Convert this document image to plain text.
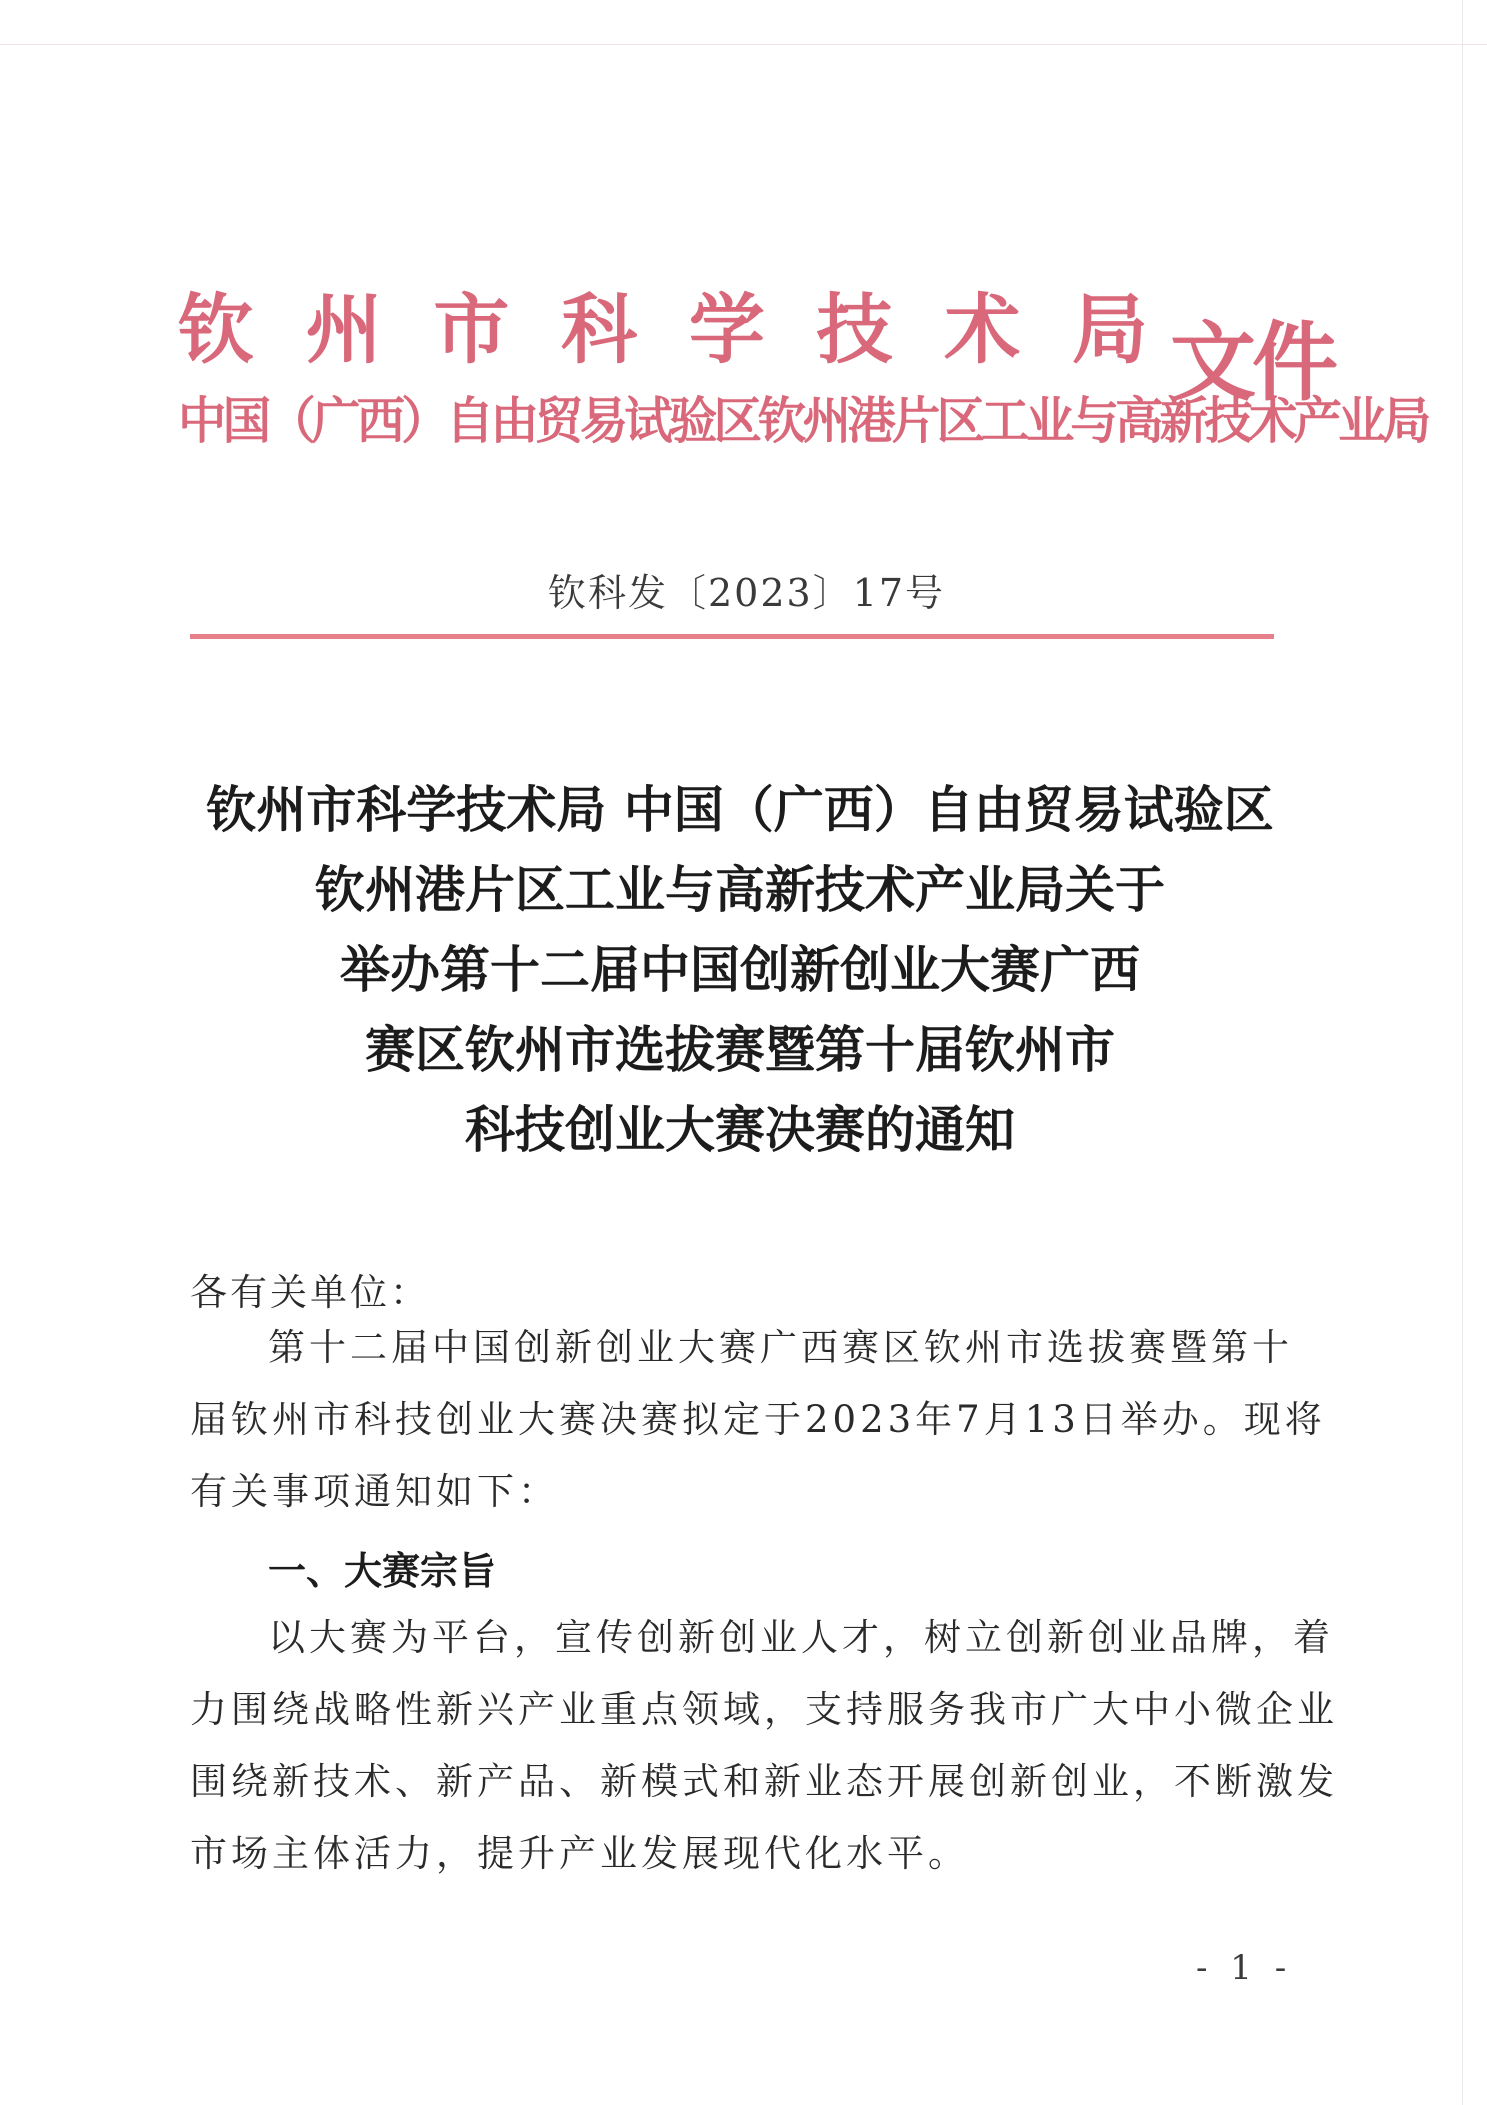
钦 州 市 科 学 技 术 局
中国（广西）自由贸易试验区钦州港片区工业与高新技术产业局
文件
钦科发〔2023〕17号
钦州市科学技术局 中国（广西）自由贸易试验区
钦州港片区工业与高新技术产业局关于
举办第十二届中国创新创业大赛广西
赛区钦州市选拔赛暨第十届钦州市
科技创业大赛决赛的通知
各有关单位：
第十二届中国创新创业大赛广西赛区钦州市选拔赛暨第十
届钦州市科技创业大赛决赛拟定于2023年7月13日举办。现将
有关事项通知如下：
一、大赛宗旨
以大赛为平台，宣传创新创业人才，树立创新创业品牌，着
力围绕战略性新兴产业重点领域，支持服务我市广大中小微企业
围绕新技术、新产品、新模式和新业态开展创新创业，不断激发
市场主体活力，提升产业发展现代化水平。
- 1 -
